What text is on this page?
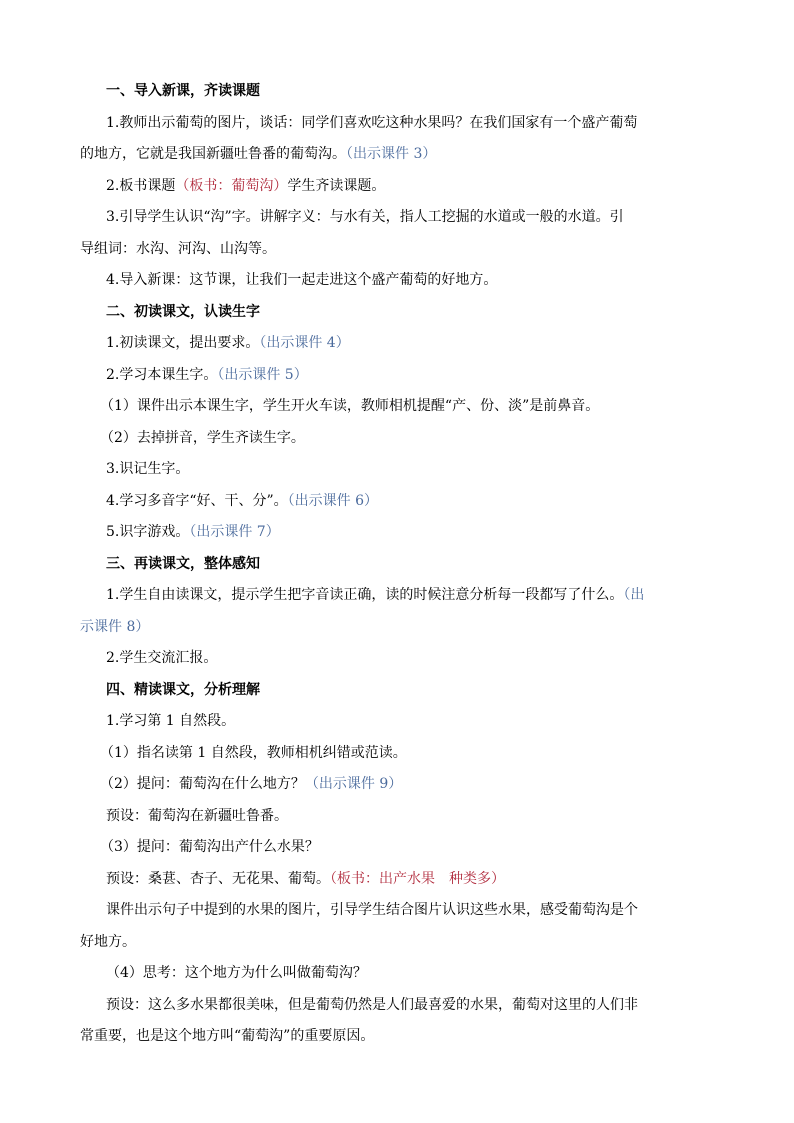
一、导入新课，齐读课题
1.教师出示葡萄的图片，谈话：同学们喜欢吃这种水果吗？在我们国家有一个盛产葡萄
的地方，它就是我国新疆吐鲁番的葡萄沟。（出示课件 3）
2.板书课题（板书：葡萄沟）学生齐读课题。
3.引导学生认识“沟”字。讲解字义：与水有关，指人工挖掘的水道或一般的水道。引
导组词：水沟、河沟、山沟等。
4.导入新课：这节课，让我们一起走进这个盛产葡萄的好地方。
二、初读课文，认读生字
1.初读课文，提出要求。（出示课件 4）
2.学习本课生字。（出示课件 5）
（1）课件出示本课生字，学生开火车读，教师相机提醒“产、份、淡”是前鼻音。
（2）去掉拼音，学生齐读生字。
3.识记生字。
4.学习多音字“好、干、分”。（出示课件 6）
5.识字游戏。（出示课件 7）
三、再读课文，整体感知
1.学生自由读课文，提示学生把字音读正确，读的时候注意分析每一段都写了什么。（出
示课件 8）
2.学生交流汇报。
四、精读课文，分析理解
1.学习第 1 自然段。
（1）指名读第 1 自然段，教师相机纠错或范读。
（2）提问：葡萄沟在什么地方？（出示课件 9）
预设：葡萄沟在新疆吐鲁番。
（3）提问：葡萄沟出产什么水果？
预设：桑葚、杏子、无花果、葡萄。（板书：出产水果 种类多）
课件出示句子中提到的水果的图片，引导学生结合图片认识这些水果，感受葡萄沟是个
好地方。
（4）思考：这个地方为什么叫做葡萄沟？
预设：这么多水果都很美味，但是葡萄仍然是人们最喜爱的水果，葡萄对这里的人们非
常重要，也是这个地方叫“葡萄沟”的重要原因。
